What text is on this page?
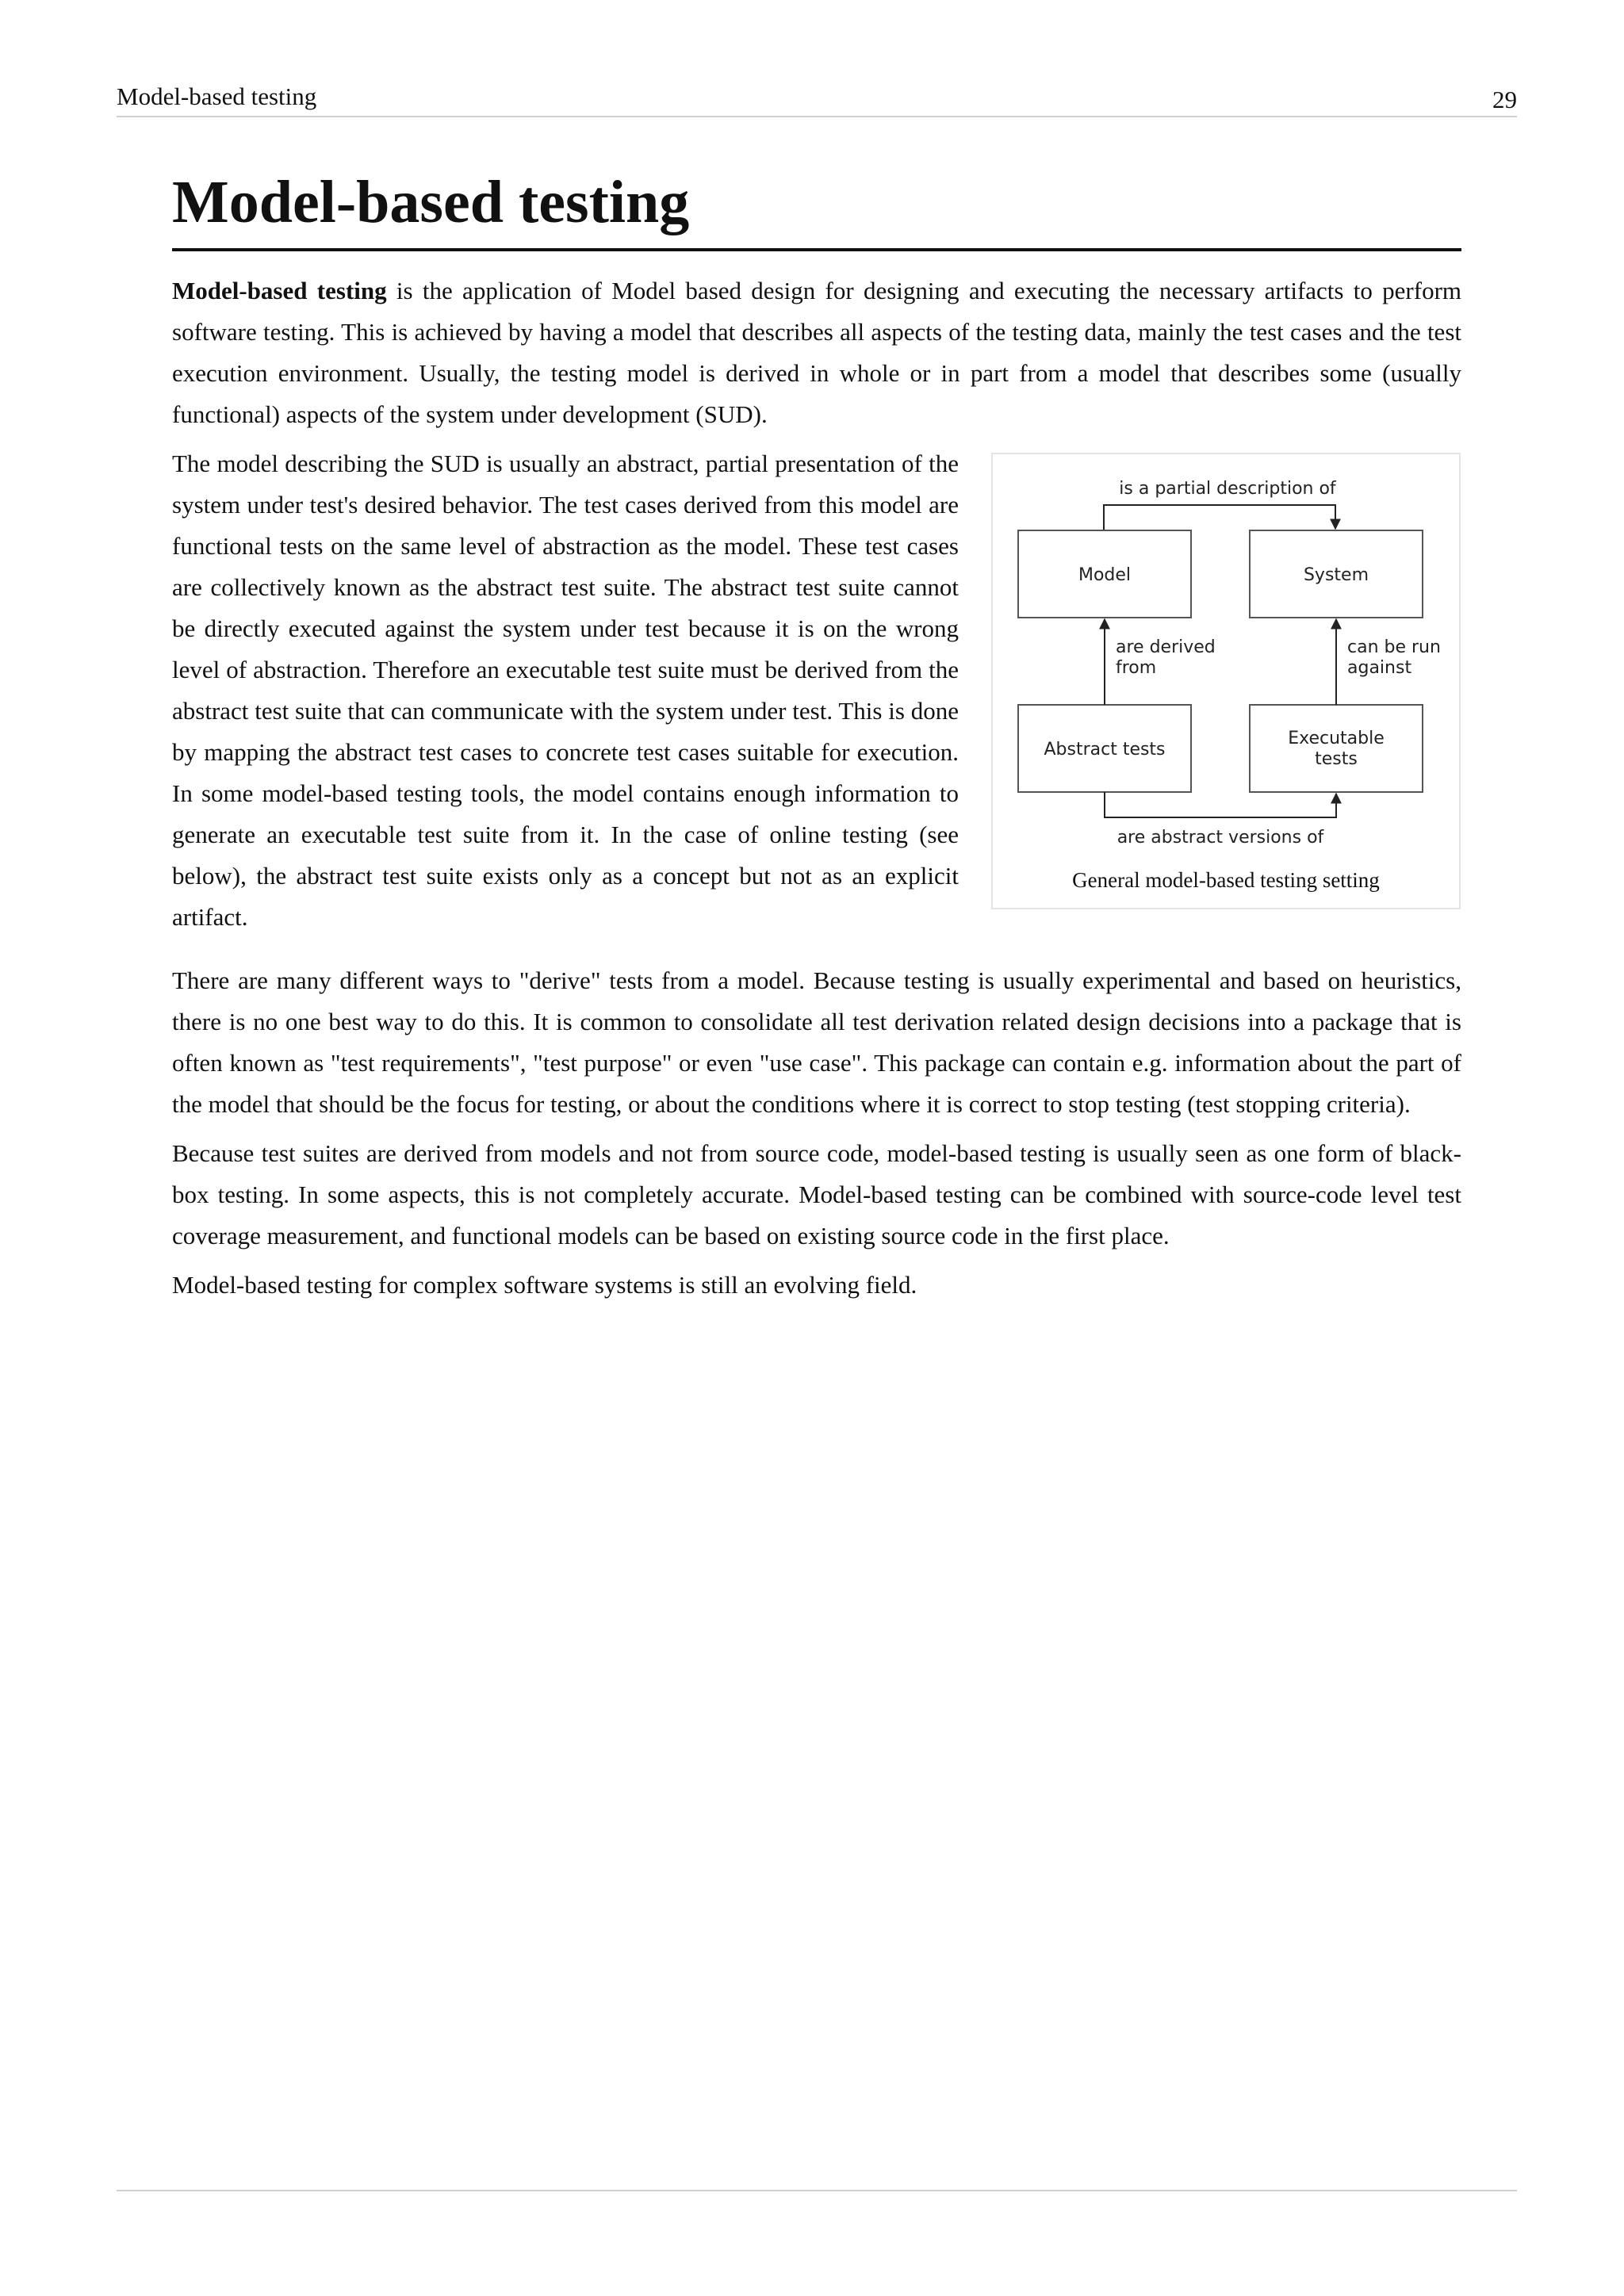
Model-based testing	29
Model-based testing

Model-based testing is the application of Model based design for designing and executing the necessary artifacts to perform software testing. This is achieved by having a model that describes all aspects of the testing data, mainly the test cases and the test execution environment. Usually, the testing model is derived in whole or in part from a model that describes some (usually functional) aspects of the system under development (SUD).

The model describing the SUD is usually an abstract, partial presentation of the system under test's desired behavior. The test cases derived from this model are functional tests on the same level of abstraction as the model. These test cases are collectively known as the abstract test suite. The abstract test suite cannot be directly executed against the system under test because it is on the wrong level of abstraction. Therefore an executable test suite must be derived from the abstract test suite that can communicate with the system under test. This is done by mapping the abstract test cases to concrete test cases suitable for execution. In some model-based testing tools, the model contains enough information to generate an executable test suite from it. In the case of online testing (see below), the abstract test suite exists only as a concept but not as an explicit artifact.

is a partial description of
Model	System
Abstract tests
Executable
tests
are derived
from
can be run
against
are abstract versions of
General model-based testing setting

There are many different ways to "derive" tests from a model. Because testing is usually experimental and based on heuristics, there is no one best way to do this. It is common to consolidate all test derivation related design decisions into a package that is often known as "test requirements", "test purpose" or even "use case". This package can contain e.g. information about the part of the model that should be the focus for testing, or about the conditions where it is correct to stop testing (test stopping criteria).

Because test suites are derived from models and not from source code, model-based testing is usually seen as one form of black-box testing. In some aspects, this is not completely accurate. Model-based testing can be combined with source-code level test coverage measurement, and functional models can be based on existing source code in the first place.

Model-based testing for complex software systems is still an evolving field.
